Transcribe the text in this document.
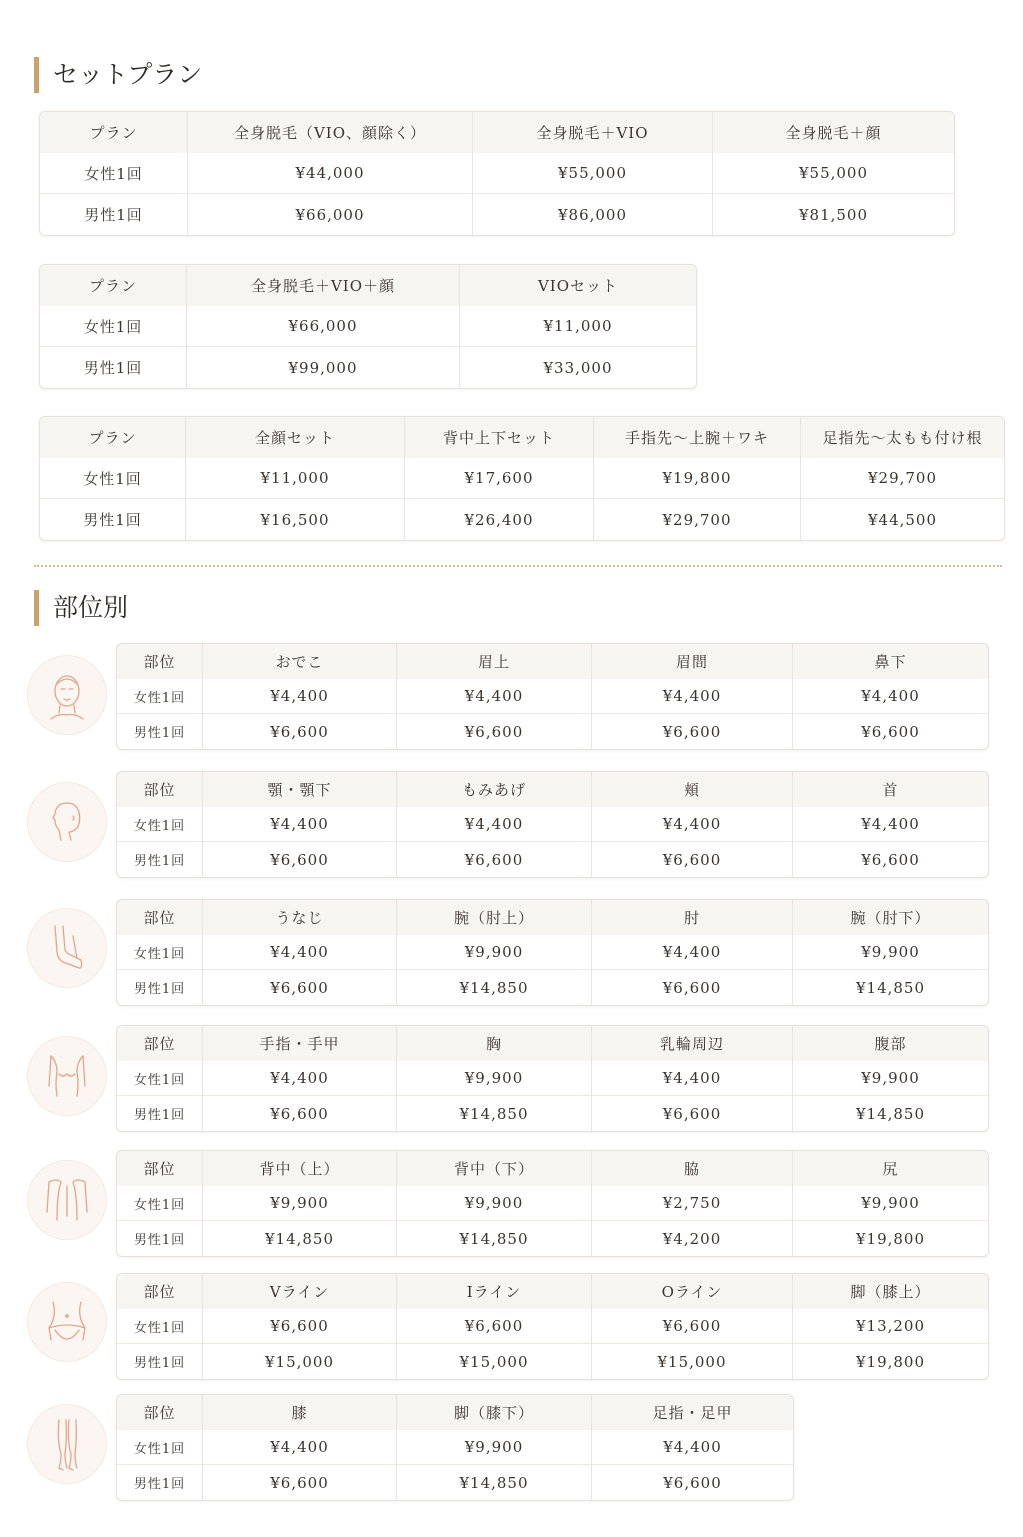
セットプラン
プラン	全身脱毛（VIO、顔除く）	全身脱毛＋VIO	全身脱毛＋顔
女性1回	¥44,000	¥55,000	¥55,000
男性1回	¥66,000	¥86,000	¥81,500
プラン	全身脱毛＋VIO＋顔	VIOセット
女性1回	¥66,000	¥11,000
男性1回	¥99,000	¥33,000
プラン	全顔セット	背中上下セット	手指先～上腕＋ワキ	足指先～太もも付け根
女性1回	¥11,000	¥17,600	¥19,800	¥29,700
男性1回	¥16,500	¥26,400	¥29,700	¥44,500
部位別
部位	おでこ	眉上	眉間	鼻下
女性1回	¥4,400	¥4,400	¥4,400	¥4,400
男性1回	¥6,600	¥6,600	¥6,600	¥6,600
部位	顎・顎下	もみあげ	頬	首
女性1回	¥4,400	¥4,400	¥4,400	¥4,400
男性1回	¥6,600	¥6,600	¥6,600	¥6,600
部位	うなじ	腕（肘上）	肘	腕（肘下）
女性1回	¥4,400	¥9,900	¥4,400	¥9,900
男性1回	¥6,600	¥14,850	¥6,600	¥14,850
部位	手指・手甲	胸	乳輪周辺	腹部
女性1回	¥4,400	¥9,900	¥4,400	¥9,900
男性1回	¥6,600	¥14,850	¥6,600	¥14,850
部位	背中（上）	背中（下）	脇	尻
女性1回	¥9,900	¥9,900	¥2,750	¥9,900
男性1回	¥14,850	¥14,850	¥4,200	¥19,800
部位	Vライン	Iライン	Oライン	脚（膝上）
女性1回	¥6,600	¥6,600	¥6,600	¥13,200
男性1回	¥15,000	¥15,000	¥15,000	¥19,800
部位	膝	脚（膝下）	足指・足甲
女性1回	¥4,400	¥9,900	¥4,400
男性1回	¥6,600	¥14,850	¥6,600
